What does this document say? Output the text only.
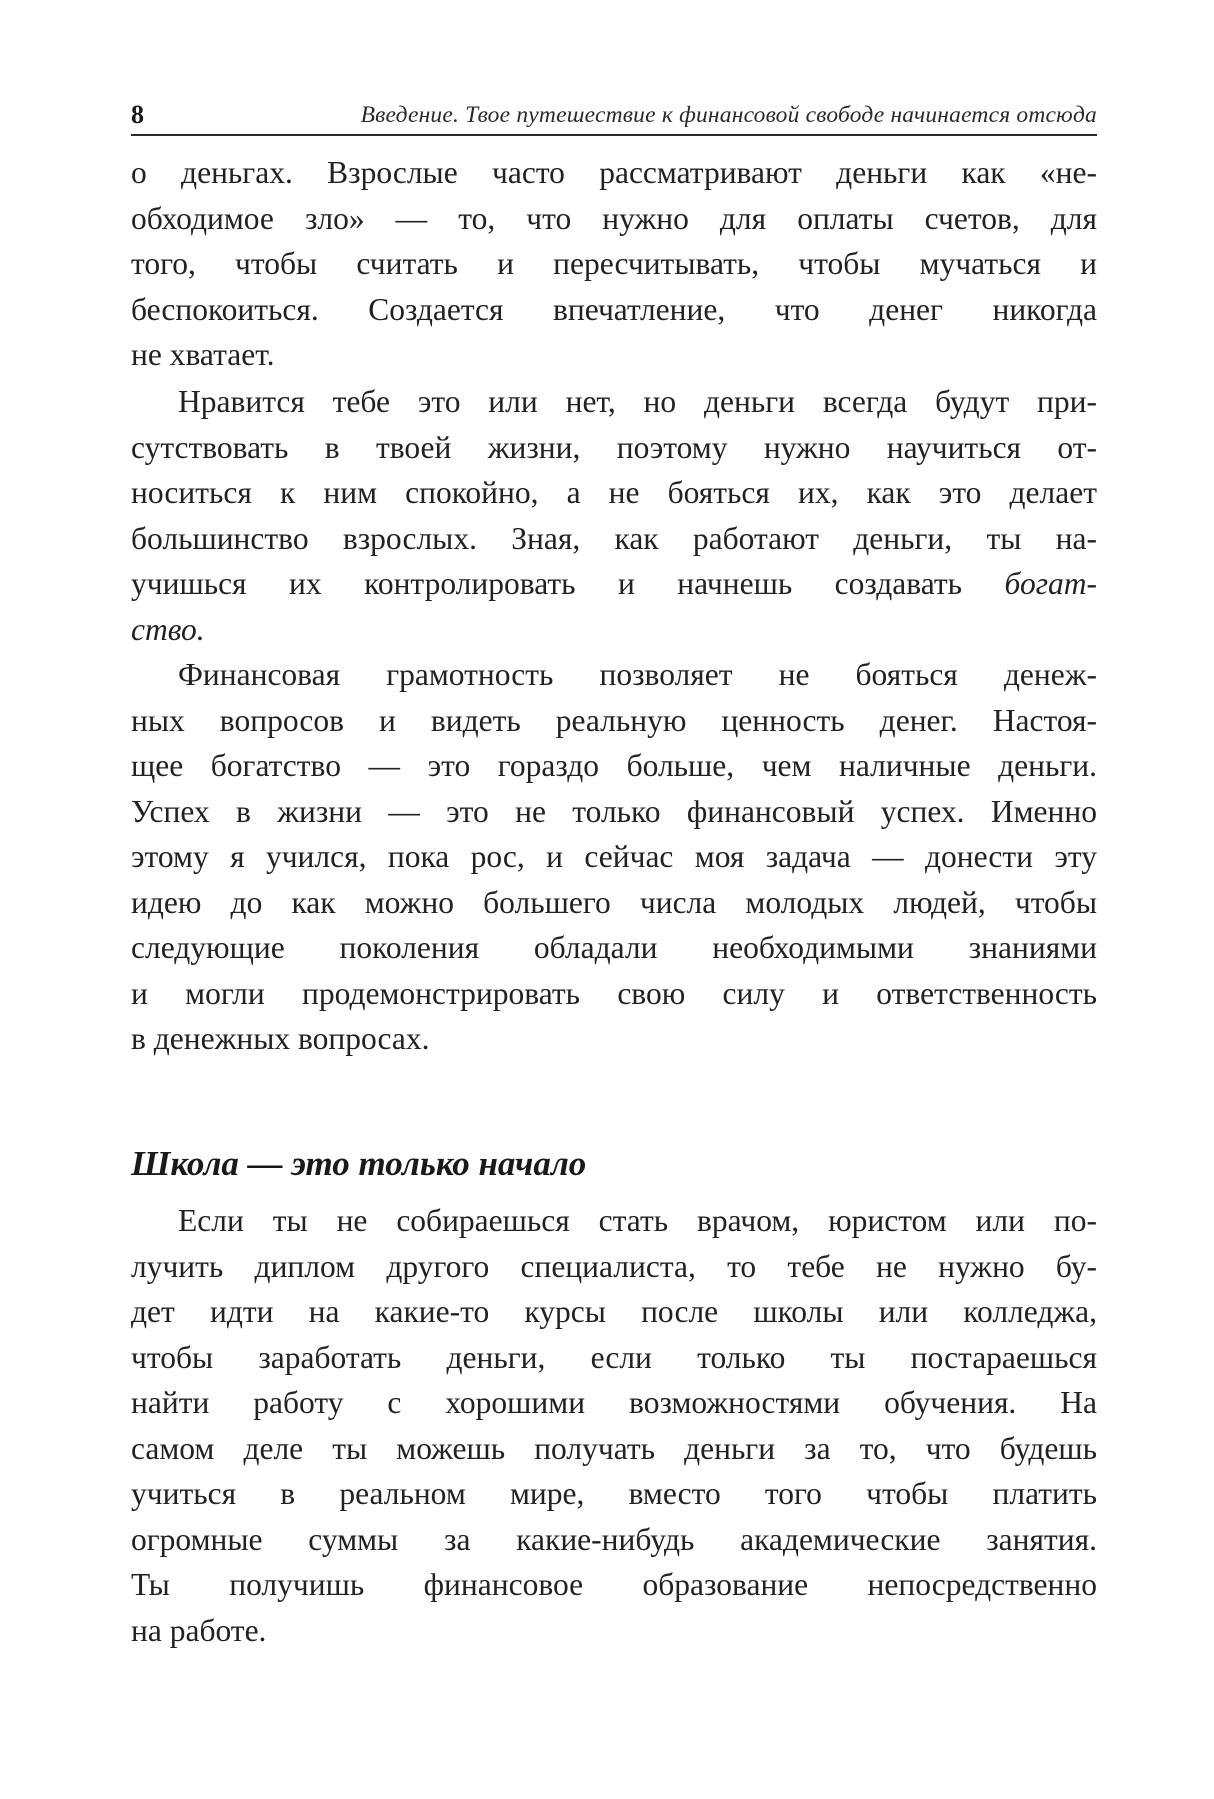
8	Введение. Твое путешествие к финансовой свободе начинается отсюда
о деньгах. Взрослые часто рассматривают деньги как «не-
обходимое зло» — то, что нужно для оплаты счетов, для
того, чтобы считать и пересчитывать, чтобы мучаться и
беспокоиться. Создается впечатление, что денег никогда
не хватает.
Нравится тебе это или нет, но деньги всегда будут при-
сутствовать в твоей жизни, поэтому нужно научиться от-
носиться к ним спокойно, а не бояться их, как это делает
большинство взрослых. Зная, как работают деньги, ты на-
учишься их контролировать и начнешь создавать богат-
ство.
Финансовая грамотность позволяет не бояться денеж-
ных вопросов и видеть реальную ценность денег. Настоя-
щее богатство — это гораздо больше, чем наличные деньги.
Успех в жизни — это не только финансовый успех. Именно
этому я учился, пока рос, и сейчас моя задача — донести эту
идею до как можно большего числа молодых людей, чтобы
следующие поколения обладали необходимыми знаниями
и могли продемонстрировать свою силу и ответственность
в денежных вопросах.
Школа — это только начало
Если ты не собираешься стать врачом, юристом или по-
лучить диплом другого специалиста, то тебе не нужно бу-
дет идти на какие-то курсы после школы или колледжа,
чтобы заработать деньги, если только ты постараешься
найти работу с хорошими возможностями обучения. На
самом деле ты можешь получать деньги за то, что будешь
учиться в реальном мире, вместо того чтобы платить
огромные суммы за какие-нибудь академические занятия.
Ты получишь финансовое образование непосредственно
на работе.
